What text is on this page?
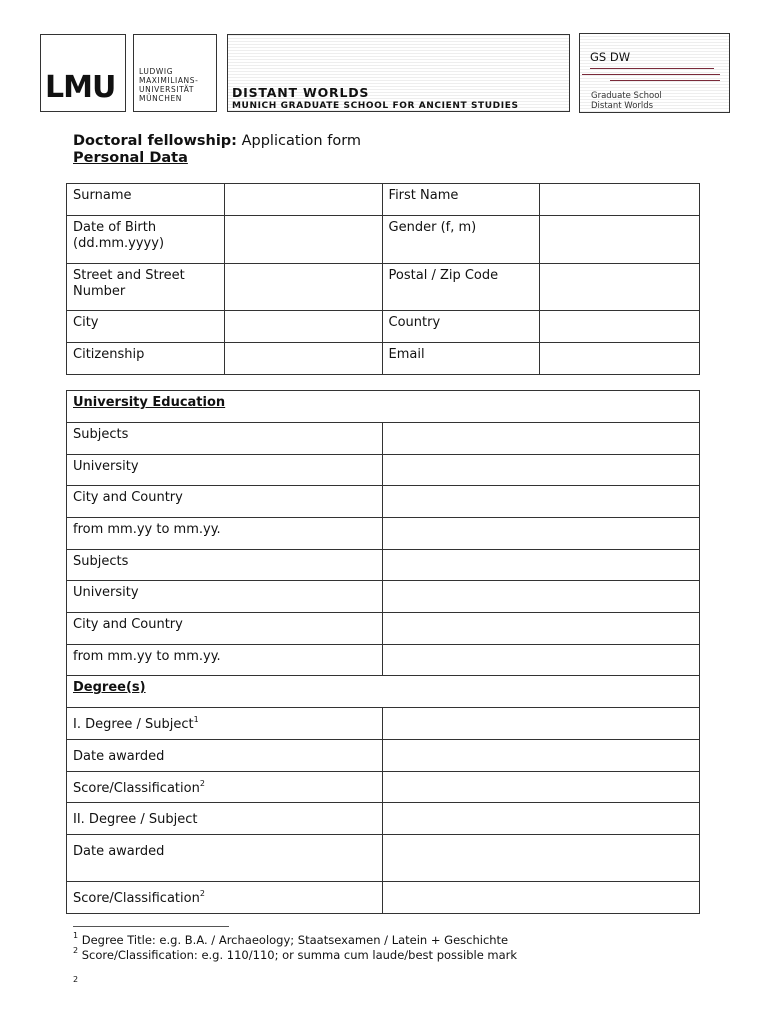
LMU	LUDWIG
MAXIMILIANS-
UNIVERSITÄT
MÜNCHEN	DISTANT WORLDS
MUNICH GRADUATE SCHOOL FOR ANCIENT STUDIES
GS DW
Graduate School
Distant Worlds
Doctoral fellowship: Application form
Personal Data
Surname		First Name	
Date of Birth (dd.mm.yyyy)		Gender (f, m)	
Street and Street Number		Postal / Zip Code	
City		Country	
Citizenship		Email	
University Education	
Subjects	
University	
City and Country	
from mm.yy to mm.yy.	
Subjects	
University	
City and Country	
from mm.yy to mm.yy.	
Degree(s)	
I. Degree / Subject$^1$	
Date awarded	
Score/Classification$^2$	
II. Degree / Subject	
Date awarded	
Score/Classification$^2$	
$^1$ Degree Title: e.g. B.A. / Archaeology; Staatsexamen / Latein + Geschichte
$^2$ Score/Classification: e.g. 110/110; or summa cum laude/best possible mark
2
